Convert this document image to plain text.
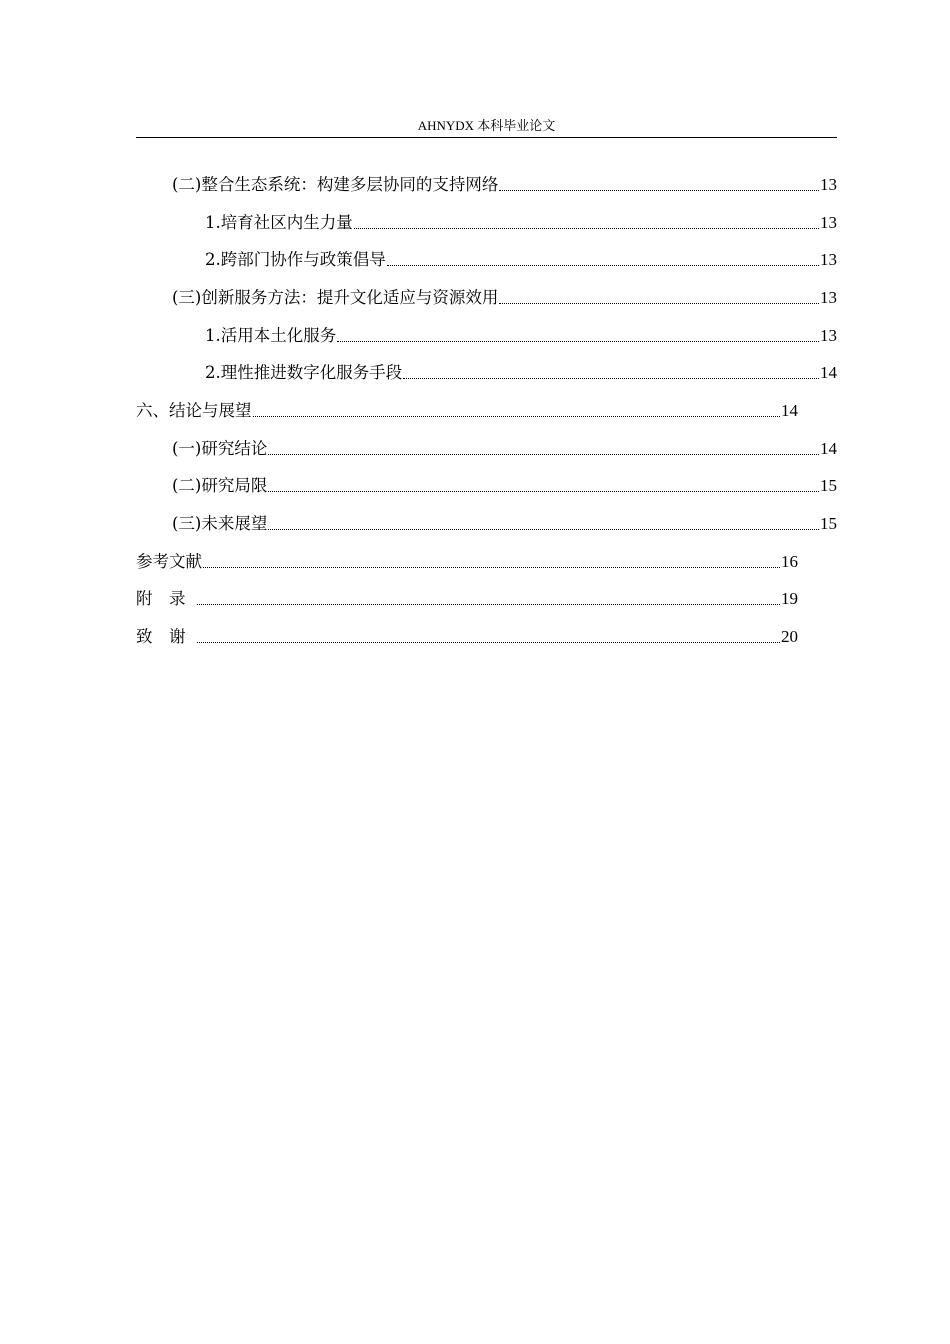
AHNYDX 本科毕业论文
(二)整合生态系统：构建多层协同的支持网络	13
1.培育社区内生力量	13
2.跨部门协作与政策倡导	13
(三)创新服务方法：提升文化适应与资源效用	13
1.活用本土化服务	13
2.理性推进数字化服务手段	14
六、结论与展望	14
(一)研究结论	14
(二)研究局限	15
(三)未来展望	15
参考文献	16
附　录	19
致　谢	20
